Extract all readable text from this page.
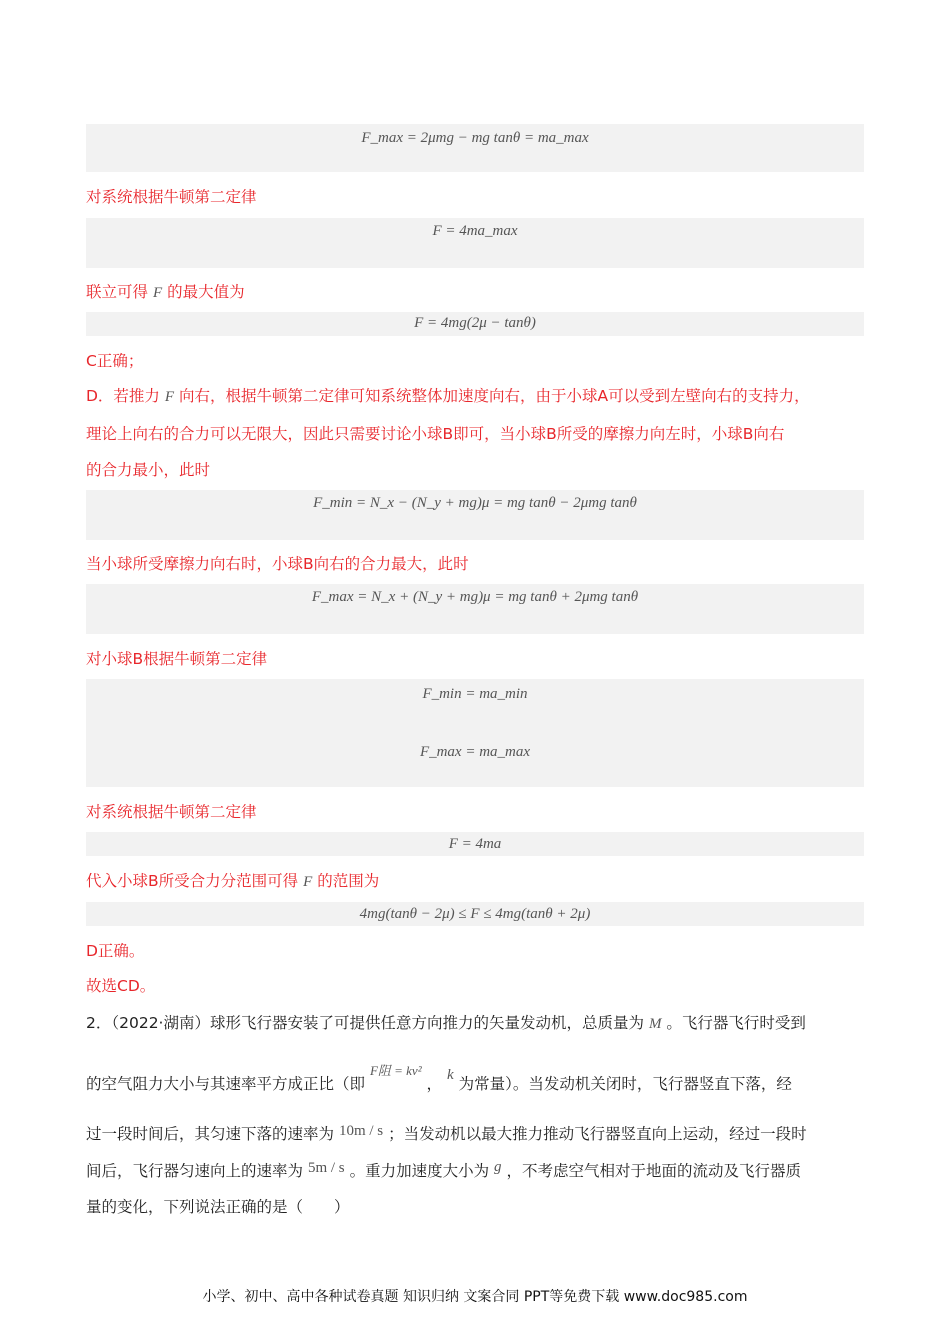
F_max = 2μmg − mg tanθ = ma_max
对系统根据牛顿第二定律
F = 4ma_max
联立可得 F 的最大值为
F = 4mg(2μ − tanθ)
C正确；
D．若推力 F 向右，根据牛顿第二定律可知系统整体加速度向右，由于小球A可以受到左壁向右的支持力，
理论上向右的合力可以无限大，因此只需要讨论小球B即可，当小球B所受的摩擦力向左时，小球B向右
的合力最小，此时
F_min = N_x − (N_y + mg)μ = mg tanθ − 2μmg tanθ
当小球所受摩擦力向右时，小球B向右的合力最大，此时
F_max = N_x + (N_y + mg)μ = mg tanθ + 2μmg tanθ
对小球B根据牛顿第二定律
F_min = ma_min
F_max = ma_max
对系统根据牛顿第二定律
F = 4ma
代入小球B所受合力分范围可得 F 的范围为
4mg(tanθ − 2μ) ≤ F ≤ 4mg(tanθ + 2μ)
D正确。
故选CD。
2．（2022·湖南）球形飞行器安装了可提供任意方向推力的矢量发动机，总质量为 M 。飞行器飞行时受到
的空气阻力大小与其速率平方成正比（即 $^{F阻 = kv^2}$ ， k 为常量）。当发动机关闭时，飞行器竖直下落，经
过一段时间后，其匀速下落的速率为 10m / s ；当发动机以最大推力推动飞行器竖直向上运动，经过一段时
间后，飞行器匀速向上的速率为 5m / s 。重力加速度大小为 g ，不考虑空气相对于地面的流动及飞行器质
量的变化，下列说法正确的是（　　）
小学、初中、高中各种试卷真题 知识归纳 文案合同 PPT等免费下载 www.doc985.com
